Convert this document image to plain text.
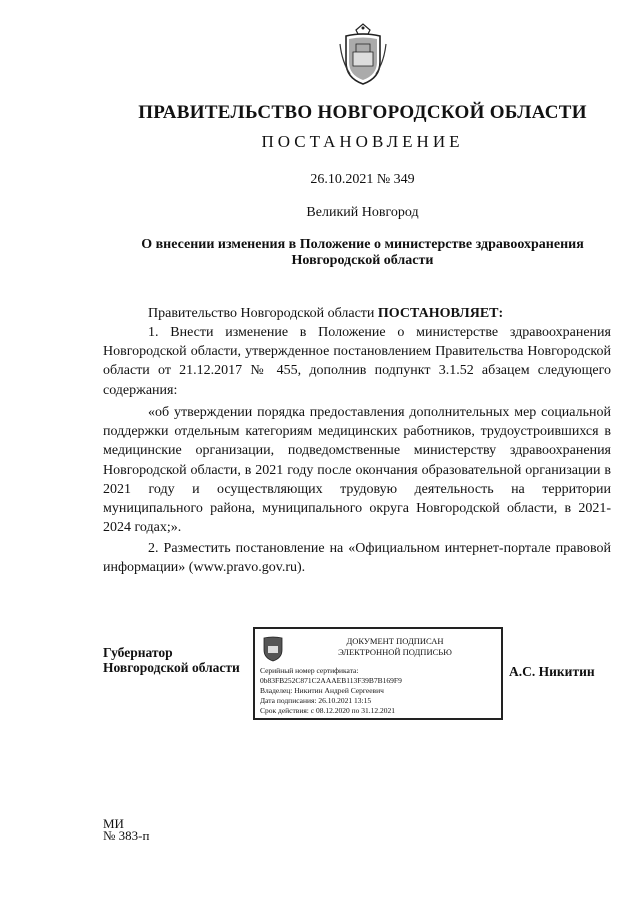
ПРАВИТЕЛЬСТВО НОВГОРОДСКОЙ ОБЛАСТИ
ПОСТАНОВЛЕНИЕ
26.10.2021 № 349
Великий Новгород
О внесении изменения в Положение о министерстве здравоохранения
Новгородской области
Правительство Новгородской области ПОСТАНОВЛЯЕТ:
1. Внести изменение в Положение о министерстве здравоохранения Новгородской области, утвержденное постановлением Правительства Новгородской области от 21.12.2017 № 455, дополнив подпункт 3.1.52 абзацем следующего содержания:
«об утверждении порядка предоставления дополнительных мер социальной поддержки отдельным категориям медицинских работников, трудоустроившихся в медицинские организации, подведомственные министерству здравоохранения Новгородской области, в 2021 году после окончания образовательной организации в 2021 году и осуществляющих трудовую деятельность на территории муниципального района, муниципального округа Новгородской области, в 2021-2024 годах;».
2. Разместить постановление на «Официальном интернет-портале правовой информации» (www.pravo.gov.ru).
Губернатор
Новгородской области
ДОКУМЕНТ ПОДПИСАН
ЭЛЕКТРОННОЙ ПОДПИСЬЮ
Серийный номер сертификата:
0b83FB252C871C2AAAEB113F39B7B169F9
Владелец: Никитин Андрей Сергеевич
Дата подписания: 26.10.2021 13:15
Срок действия: с 08.12.2020 по 31.12.2021
А.С. Никитин
МИ
№ 383-п
